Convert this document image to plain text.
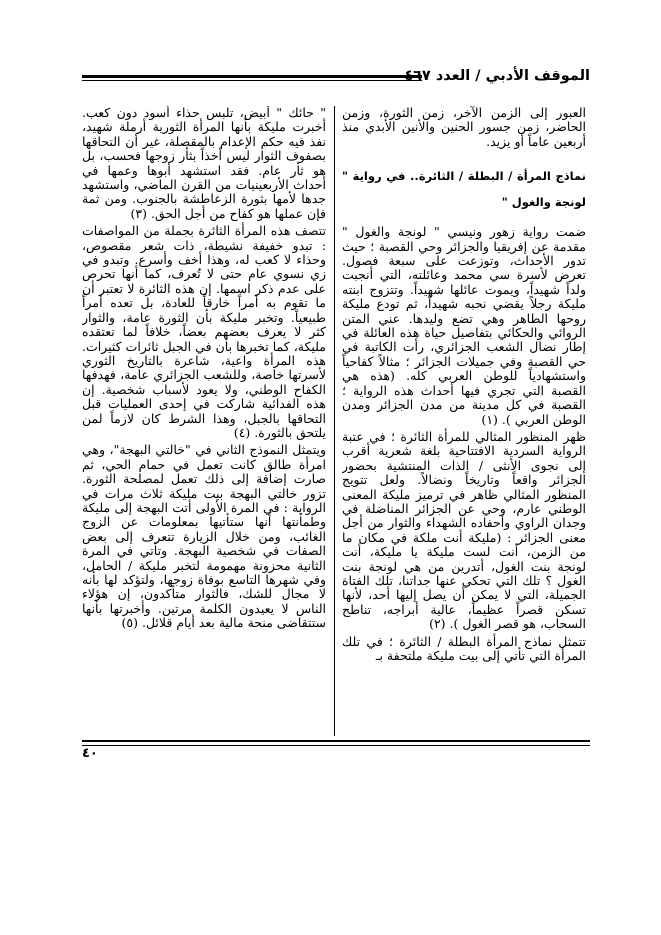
الموقف الأدبي / العدد ٤٦٧

العبور إلى الزمن الآخر، زمن الثورة، وزمن الحاضر، زمن جسور الحنين والأنين الأبدي منذ أربعين عاماً أو يزيد.

نماذج المرأة / البطلة / الثائرة.. في رواية " لونجة والغول "

ضمت رواية زهور ونيسي " لونجة والغول " مقدمة عن إفريقيا والجزائر وحي القصبة ؛ حيث تدور الأحداث، وتوزعت على سبعة فصول. تعرض لأسرة سي محمد وعائلته، التي أنجبت ولداً شهيداً، ويموت عائلها شهيداً. وتتزوج ابنته مليكة رجلاً يقضي نحبه شهيداً، ثم تودع مليكة روحها الطاهر وهي تضع وليدها. عني المتن الروائي والحكائي بتفاصيل حياة هذه العائلة في إطار نضال الشعب الجزائري، رأت الكاتبة في حي القصبة وفي جميلات الجزائر ؛ مثالاً كفاحياً واستشهادياً للوطن العربي كله. (هذه هي القصبة التي تجري فيها أحداث هذه الرواية ؛ القصبة في كل مدينة من مدن الجزائر ومدن الوطن العربي ). (١)

ظهر المنظور المثالي للمرأة الثائرة ؛ في عتبة الرواية السردية الافتتاحية بلغة شعرية أقرب إلى نجوى الأنثى / الذات المنتشية بحضور الجزائر واقعاً وتاريخاً ونضالاً. ولعل تتويج المنظور المثالي ظاهر في ترميز مليكة المعنى الوطني عارم، وحي عن الجزائر المناضلة في وجدان الراوي وأحفاده الشهداء والثوار من أجل معنى الجزائر : (مليكة أنت ملكة في مكان ما من الزمن، أنت لست مليكة يا مليكة، أنت لونجة بنت الغول، أتدرين من هي لونجة بنت الغول ؟ تلك التي تحكي عنها جداتنا، تلك الفتاة الجميلة، التي لا يمكن أن يصل إليها أحد، لأنها تسكن قصراً عظيماً، عالية أبراجه، تناطح السحاب، هو قصر الغول ). (٢)

تتمثل نماذج المرأة البطلة / الثائرة ؛ في تلك المرأة التي تأتي إلى بيت مليكة ملتحفة بـ

" حائك " أبيض، تلبس حذاء أسود دون كعب. أخبرت مليكة بأنها المرأة الثورية أرملة شهيد، نفذ فيه حكم الإعدام بالمقصلة، غير أن التحاقها بصفوف الثوار ليس أخذاً بثأر زوجها فحسب، بل هو ثأر عام. فقد استشهد أبوها وعمها في أحداث الأربعينيات من القرن الماضي، واستشهد جدها لأمها بثورة الزعاطشة بالجنوب. ومن ثمة فإن عملها هو كفاح من أجل الحق. (٣)

تتصف هذه المرأة الثائرة بجملة من المواصفات : تبدو خفيفة نشيطة، ذات شعر مقصوص، وحذاء لا كعب له، وهذا أخف وأسرع. وتبدو في زي نسوي عام حتى لا تُعرف، كما أنها تحرص على عدم ذكر اسمها. إن هذه الثائرة لا تعتبر أن ما تقوم به أمراً خارقاً للعادة، بل تعده أمراً طبيعياً. وتخبر مليكة بأن الثورة عامة، والثوار كثر لا يعرف بعضهم بعضاً، خلافاً لما تعتقده مليكة، كما تخبرها بأن في الجبل ثائرات كثيرات. هذه المرأة واعية، شاعرة بالتاريخ الثوري لأسرتها خاصة، وللشعب الجزائري عامة، فهدفها الكفاح الوطني، ولا يعود لأسباب شخصية. إن هذه الفدائية شاركت في إحدى العمليات قبل التحاقها بالجبل، وهذا الشرط كان لازماً لمن يلتحق بالثورة. (٤)

ويتمثل النموذج الثاني في "خالتي البهجة"، وهي امرأة طالق كانت تعمل في حمام الحي، ثم صارت إضافة إلى ذلك تعمل لمصلحة الثورة. تزور خالتي البهجة بيت مليكة ثلاث مرات في الرواية : في المرة الأولى أتت البهجة إلى مليكة وطمأنتها أنها ستأتيها بمعلومات عن الزوج الغائب، ومن خلال الزيارة تتعرف إلى بعض الصفات في شخصية البهجة. وتأتي في المرة الثانية محزونة مهمومة لتخبر مليكة / الحامل، وفي شهرها التاسع بوفاة زوجها، ولتؤكد لها بأنه لا مجال للشك، فالثوار متأكدون، إن هؤلاء الناس لا يعيدون الكلمة مرتين. وأخبرتها بأنها ستتقاضى منحة مالية بعد أيام قلائل. (٥)

٤٠
